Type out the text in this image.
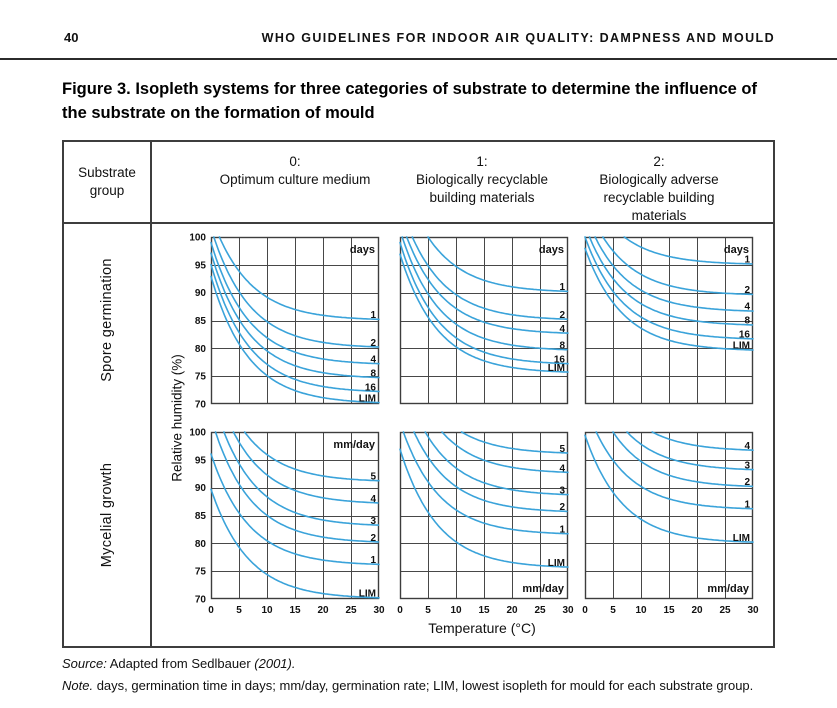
40	WHO GUIDELINES FOR INDOOR AIR QUALITY: DAMPNESS AND MOULD
Figure 3. Isopleth systems for three categories of substrate to determine the influence of the substrate on the formation of mould
Substrate group
0:
Optimum culture medium
1:
Biologically recyclable building materials
2:
Biologically adverse recyclable building materials
Spore germination
Mycelial growth
Relative humidity (%)
1
2
4
8
16
LIM
days
100
95
90
85
80
75
70
1
2
4
8
16
LIM
days
1
2
4
8
16
LIM
days
5
4
3
2
1
LIM
mm/day
100
95
90
85
80
75
70
0 5 10 15 20 25 30
5
4
3
2
1
LIM
mm/day
0 5 10 15 20 25 30
4
3
2
1
LIM
mm/day
0 5 10 15 20 25 30
Temperature (°C)
Source: Adapted from Sedlbauer (2001).
Note. days, germination time in days; mm/day, germination rate; LIM, lowest isopleth for mould for each substrate group.
